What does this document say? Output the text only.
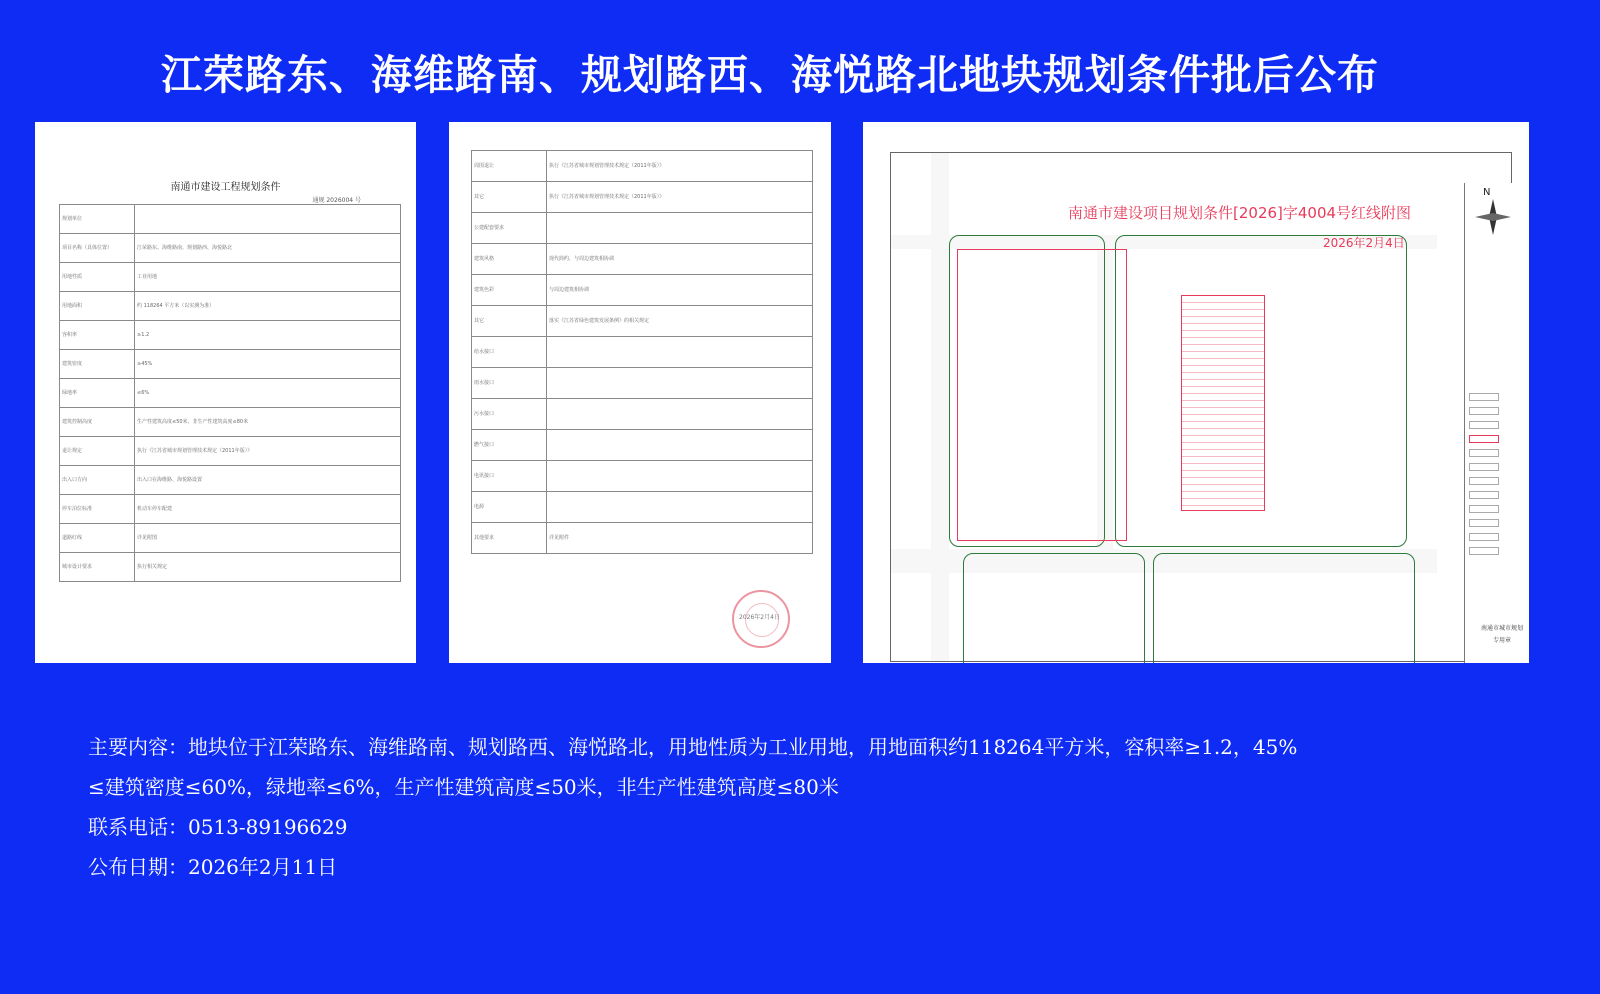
江荣路东、海维路南、规划路西、海悦路北地块规划条件批后公布
南通市建设工程规划条件
通规 2026004 号
规划单位	
项目名称（具体位置）	江荣路东、海维路南、规划路西、海悦路北
用地性质	工业用地
用地面积	约 118264 平方米（以实测为准）
容积率	≥1.2
建筑密度	≥45%
绿地率	≤6%
建筑控制高度	生产性建筑高度≤50米，非生产性建筑高度≤80米
退让规定	执行《江苏省城市规划管理技术规定（2011年版）》
出入口方向	出入口在海维路、海悦路设置
停车泊位标准	机动车停车配建
道路红线	详见附图
城市设计要求	执行相关规定
周围退让	执行《江苏省城市规划管理技术规定（2011年版）》
其它	执行《江苏省城市规划管理技术规定（2011年版）》
公建配套要求	
建筑风格	现代简约，与周边建筑相协调
建筑色彩	与周边建筑相协调
其它	落实《江苏省绿色建筑发展条例》的相关规定
给水接口	
雨水接口	
污水接口	
燃气接口	
电讯接口	
电源	
其他要求	详见附件
2026年2月4日
N
南通市城市规划
专用章
南通市建设项目规划条件[2026]字4004号红线附图
2026年2月4日
主要内容：地块位于江荣路东、海维路南、规划路西、海悦路北，用地性质为工业用地，用地面积约118264平方米，容积率≥1.2，45%
≤建筑密度≤60%，绿地率≤6%，生产性建筑高度≤50米，非生产性建筑高度≤80米
联系电话：0513-89196629
公布日期：2026年2月11日
